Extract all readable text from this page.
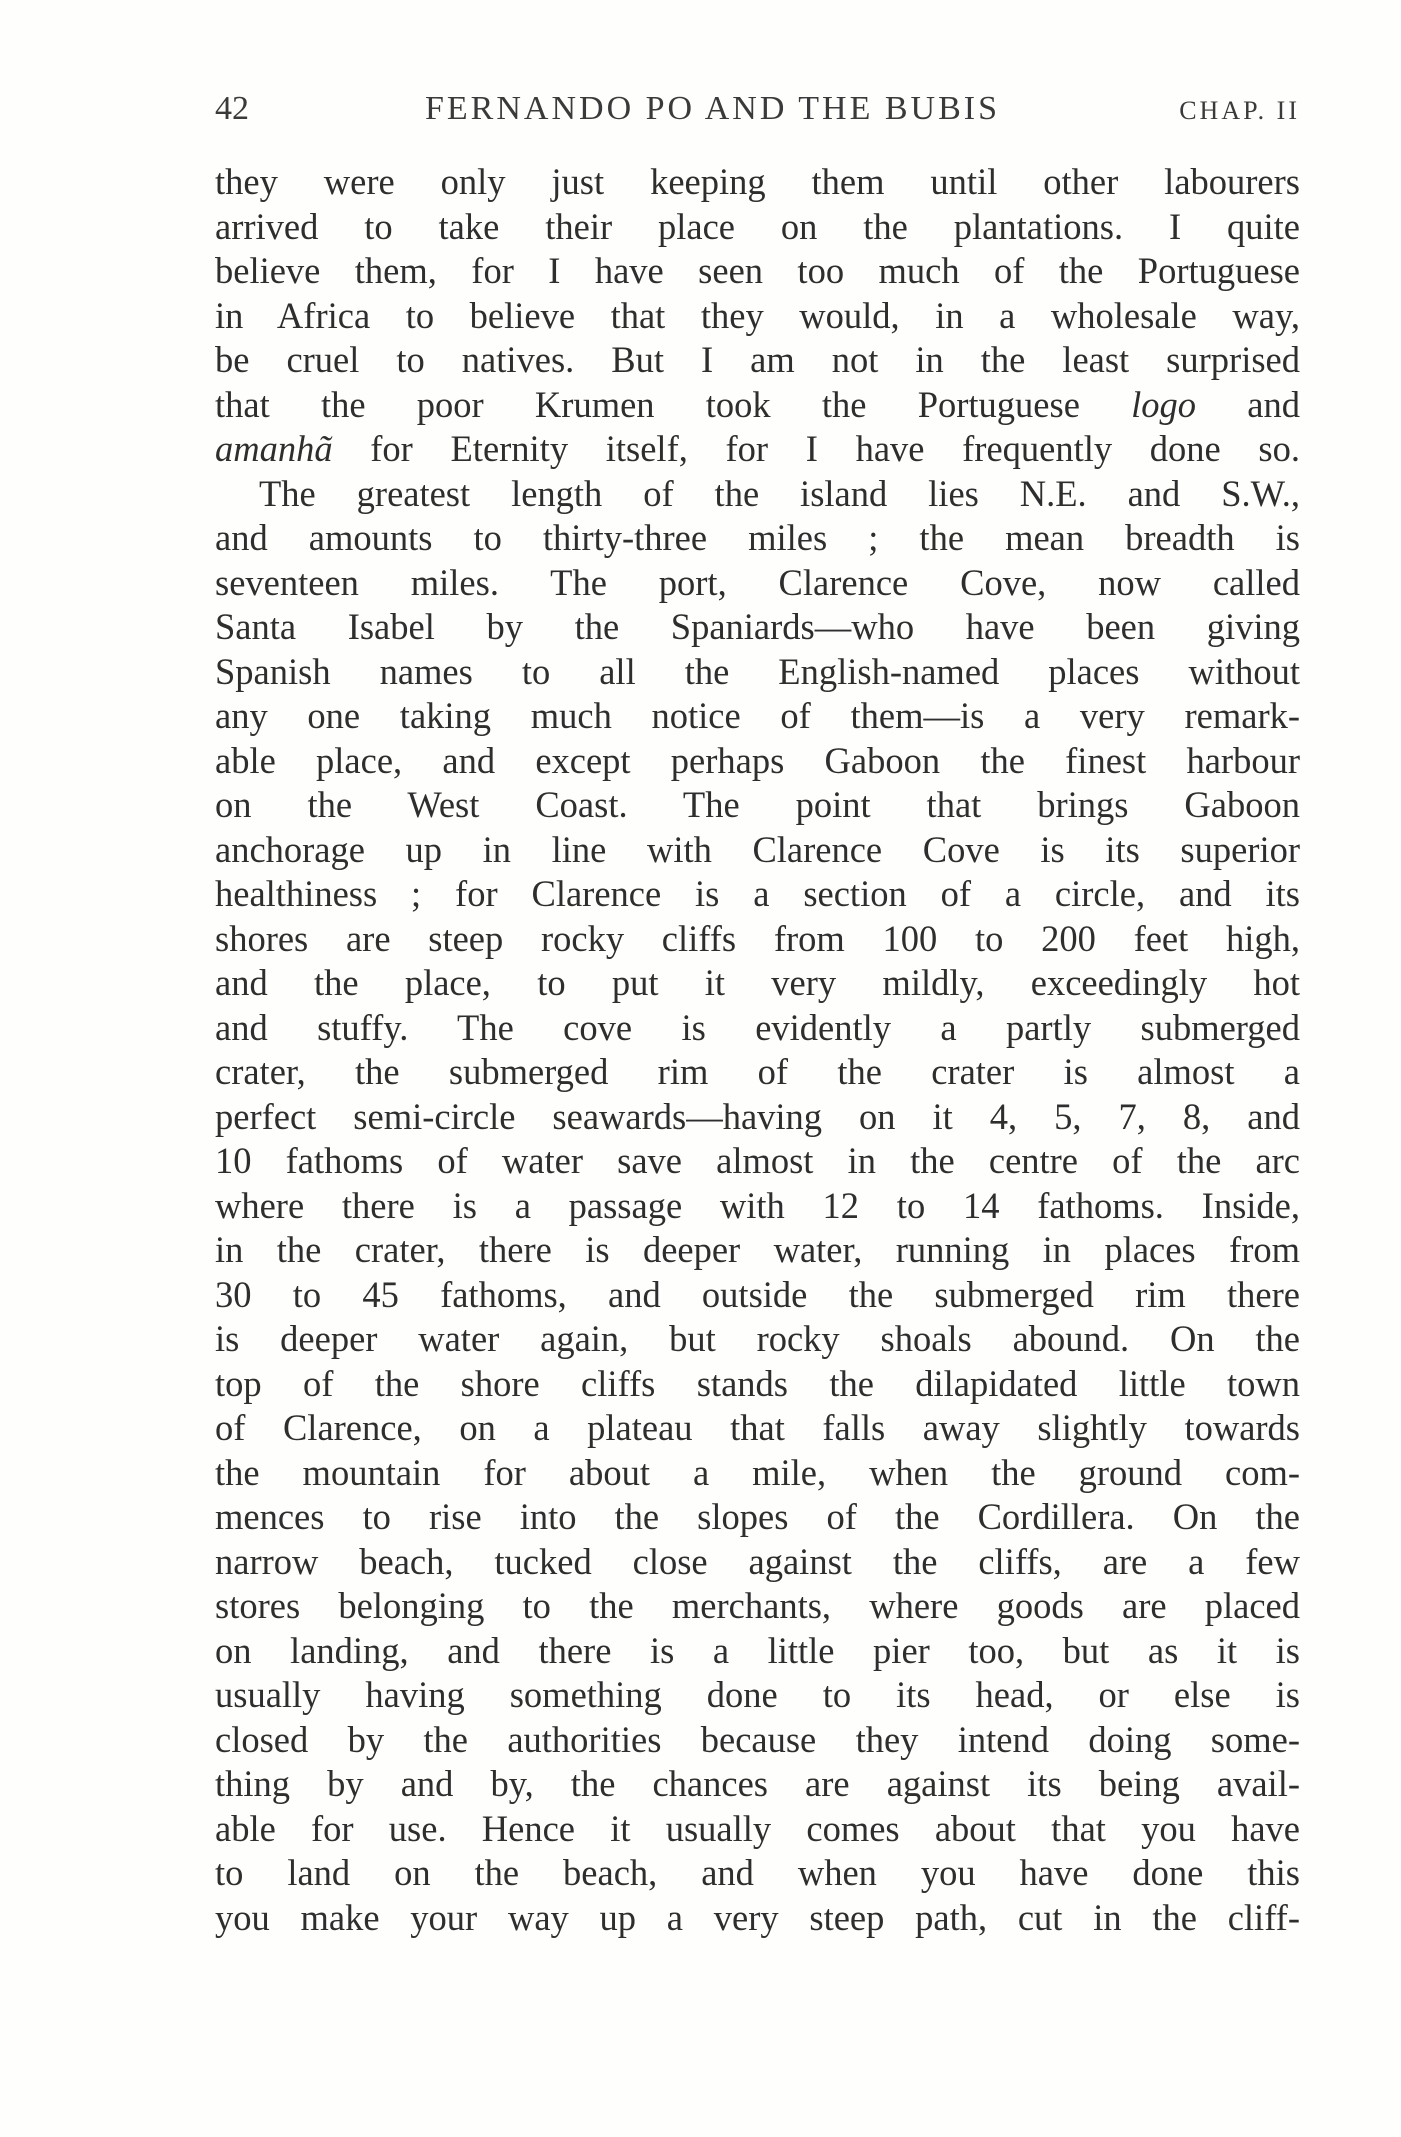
42	FERNANDO PO AND THE BUBIS	CHAP. II
they were only just keeping them until other labourers
arrived to take their place on the plantations. I quite
believe them, for I have seen too much of the Portuguese
in Africa to believe that they would, in a wholesale way,
be cruel to natives. But I am not in the least surprised
that the poor Krumen took the Portuguese logo and
amanhã for Eternity itself, for I have frequently done so.
The greatest length of the island lies N.E. and S.W.,
and amounts to thirty-three miles ; the mean breadth is
seventeen miles. The port, Clarence Cove, now called
Santa Isabel by the Spaniards—who have been giving
Spanish names to all the English-named places without
any one taking much notice of them—is a very remark-
able place, and except perhaps Gaboon the finest harbour
on the West Coast. The point that brings Gaboon
anchorage up in line with Clarence Cove is its superior
healthiness ; for Clarence is a section of a circle, and its
shores are steep rocky cliffs from 100 to 200 feet high,
and the place, to put it very mildly, exceedingly hot
and stuffy. The cove is evidently a partly submerged
crater, the submerged rim of the crater is almost a
perfect semi-circle seawards—having on it 4, 5, 7, 8, and
10 fathoms of water save almost in the centre of the arc
where there is a passage with 12 to 14 fathoms. Inside,
in the crater, there is deeper water, running in places from
30 to 45 fathoms, and outside the submerged rim there
is deeper water again, but rocky shoals abound. On the
top of the shore cliffs stands the dilapidated little town
of Clarence, on a plateau that falls away slightly towards
the mountain for about a mile, when the ground com-
mences to rise into the slopes of the Cordillera. On the
narrow beach, tucked close against the cliffs, are a few
stores belonging to the merchants, where goods are placed
on landing, and there is a little pier too, but as it is
usually having something done to its head, or else is
closed by the authorities because they intend doing some-
thing by and by, the chances are against its being avail-
able for use. Hence it usually comes about that you have
to land on the beach, and when you have done this
you make your way up a very steep path, cut in the cliff-
